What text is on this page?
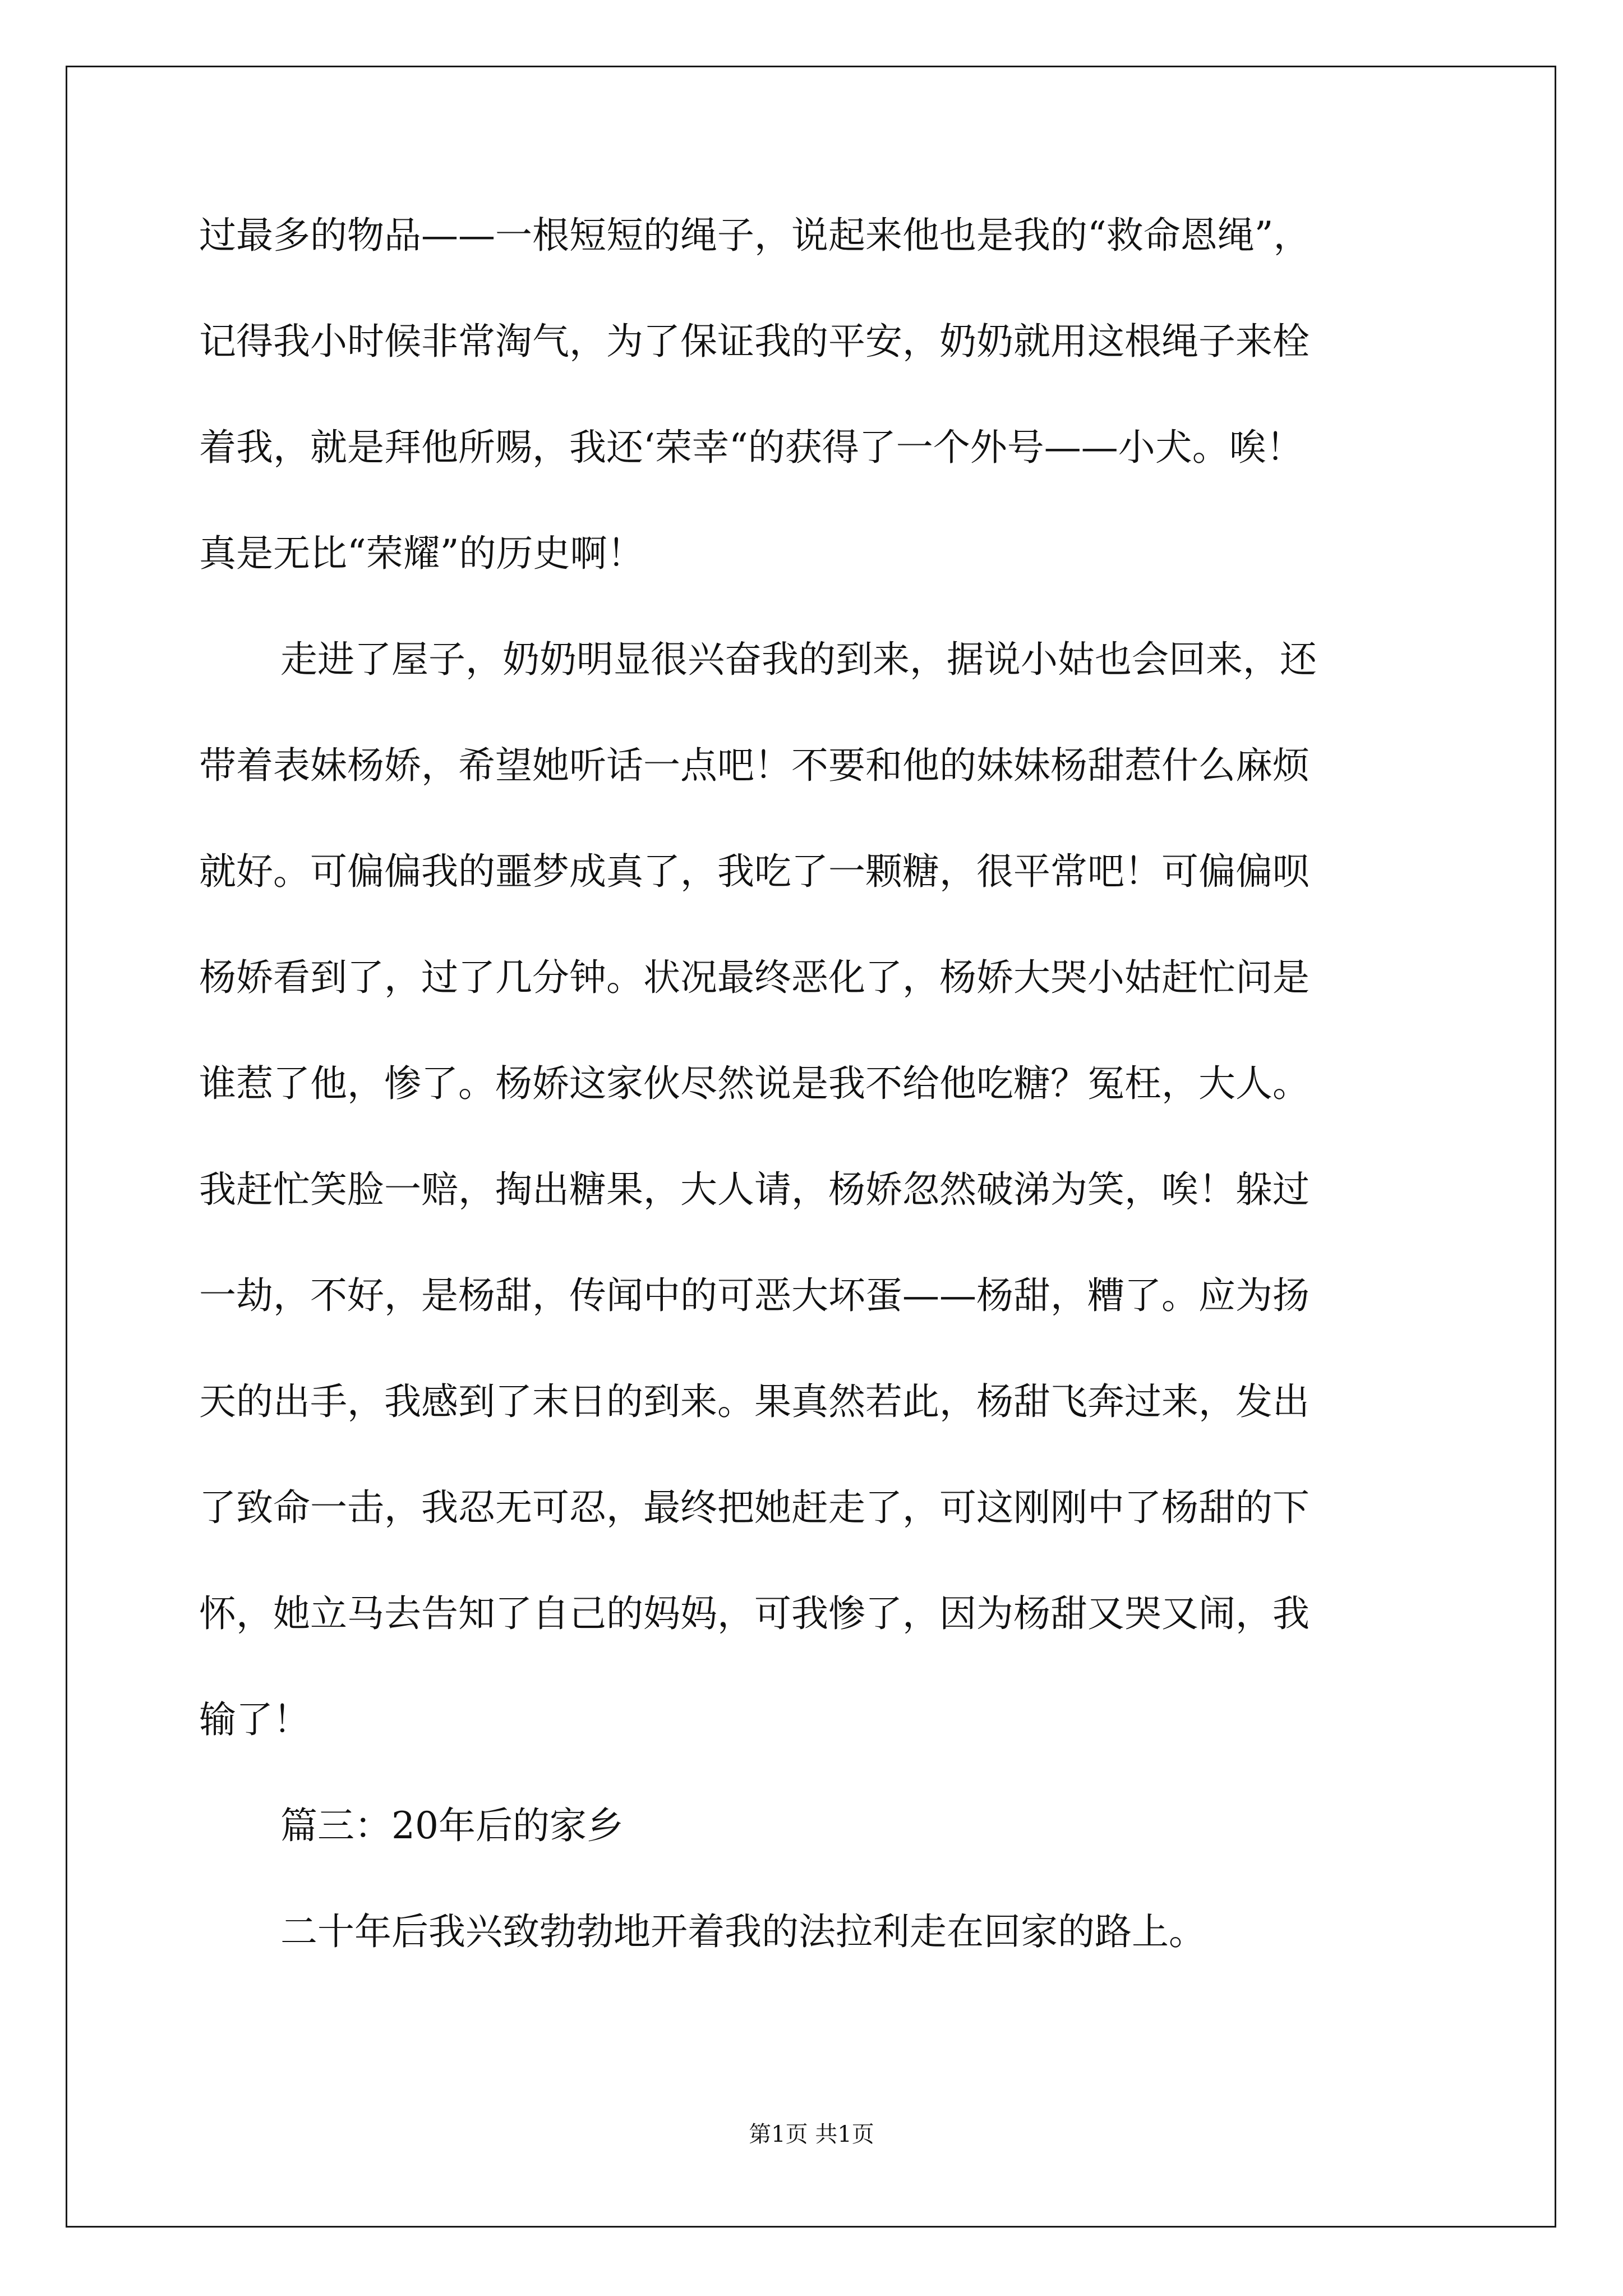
过最多的物品——一根短短的绳子，说起来他也是我的“救命恩绳”，
记得我小时候非常淘气，为了保证我的平安，奶奶就用这根绳子来栓
着我，就是拜他所赐，我还‘荣幸“的获得了一个外号——小犬。唉！
真是无比“荣耀”的历史啊！
走进了屋子，奶奶明显很兴奋我的到来，据说小姑也会回来，还
带着表妹杨娇，希望她听话一点吧！不要和他的妹妹杨甜惹什么麻烦
就好。可偏偏我的噩梦成真了，我吃了一颗糖，很平常吧！可偏偏呗
杨娇看到了，过了几分钟。状况最终恶化了，杨娇大哭小姑赶忙问是
谁惹了他，惨了。杨娇这家伙尽然说是我不给他吃糖？冤枉，大人。
我赶忙笑脸一赔，掏出糖果，大人请，杨娇忽然破涕为笑，唉！躲过
一劫，不好，是杨甜，传闻中的可恶大坏蛋——杨甜，糟了。应为扬
天的出手，我感到了末日的到来。果真然若此，杨甜飞奔过来，发出
了致命一击，我忍无可忍，最终把她赶走了，可这刚刚中了杨甜的下
怀，她立马去告知了自己的妈妈，可我惨了，因为杨甜又哭又闹，我
输了！
篇三：20年后的家乡
二十年后我兴致勃勃地开着我的法拉利走在回家的路上。
第1页 共1页
